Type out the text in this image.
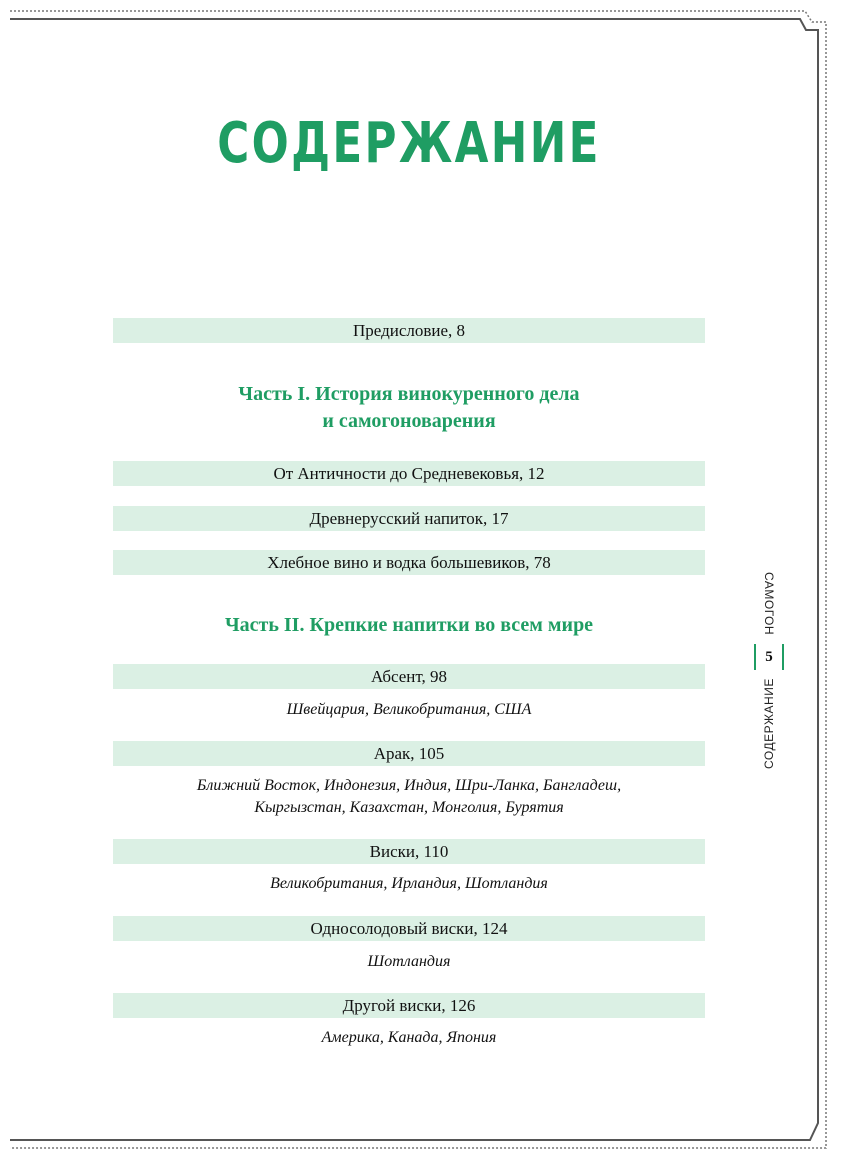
СОДЕРЖАНИЕ
Предисловие, 8
Часть I. История винокуренного дела
и самогоноварения
От Античности до Средневековья, 12
Древнерусский напиток, 17
Хлебное вино и водка большевиков, 78
Часть II. Крепкие напитки во всем мире
Абсент, 98
Швейцария, Великобритания, США
Арак, 105
Ближний Восток, Индонезия, Индия, Шри-Ланка, Бангладеш,
Кыргызстан, Казахстан, Монголия, Бурятия
Виски, 110
Великобритания, Ирландия, Шотландия
Односолодовый виски, 124
Шотландия
Другой виски, 126
Америка, Канада, Япония
САМОГОН
5
СОДЕРЖАНИЕ
